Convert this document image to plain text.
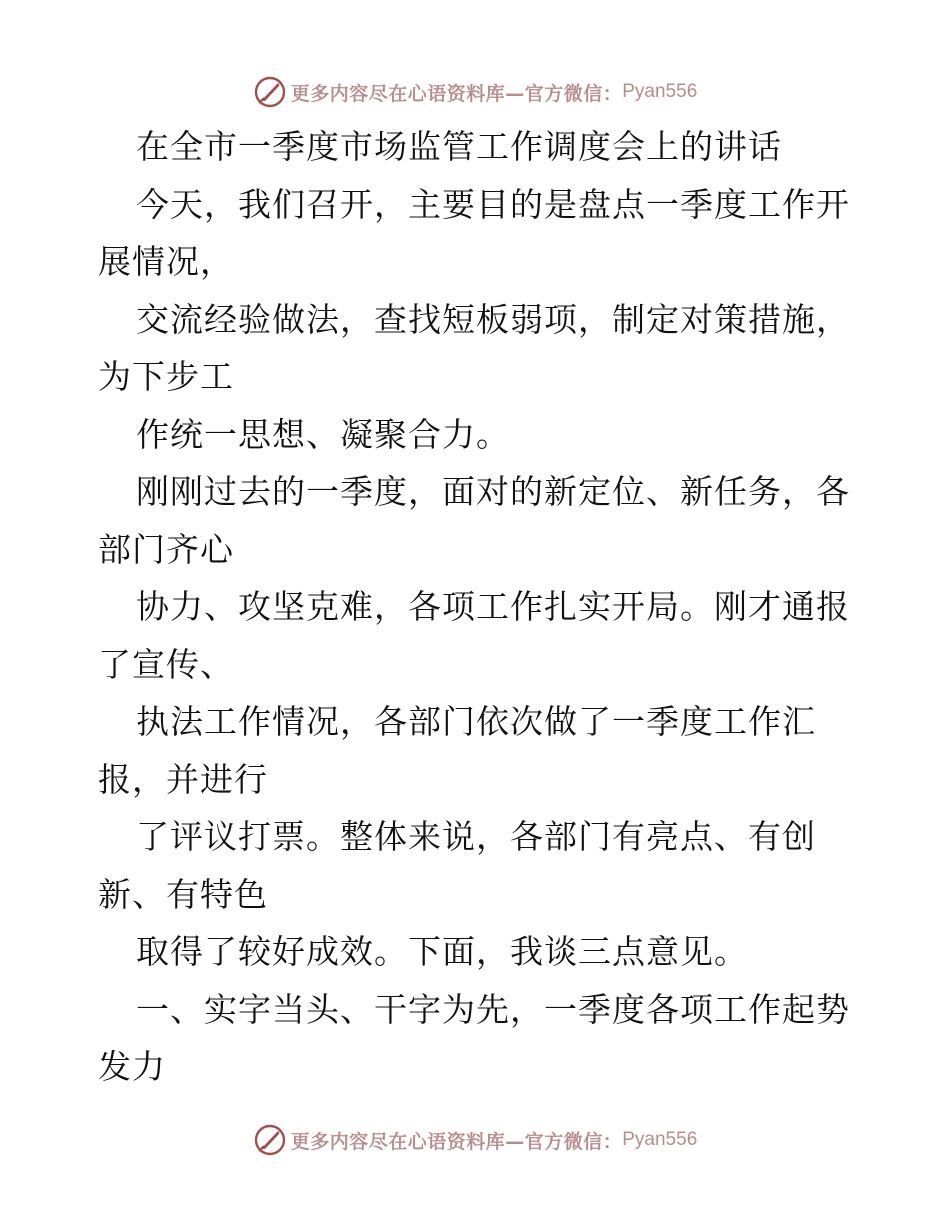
更多内容尽在心语资料库—官方微信： Pyan556
在全市一季度市场监管工作调度会上的讲话
今天，我们召开，主要目的是盘点一季度工作开
展情况，
交流经验做法，查找短板弱项，制定对策措施，
为下步工
作统一思想、凝聚合力。
刚刚过去的一季度，面对的新定位、新任务，各
部门齐心
协力、攻坚克难，各项工作扎实开局。刚才通报
了宣传、
执法工作情况，各部门依次做了一季度工作汇
报，并进行
了评议打票。整体来说，各部门有亮点、有创
新、有特色
取得了较好成效。下面，我谈三点意见。
一、实字当头、干字为先，一季度各项工作起势
发力
更多内容尽在心语资料库—官方微信： Pyan556
